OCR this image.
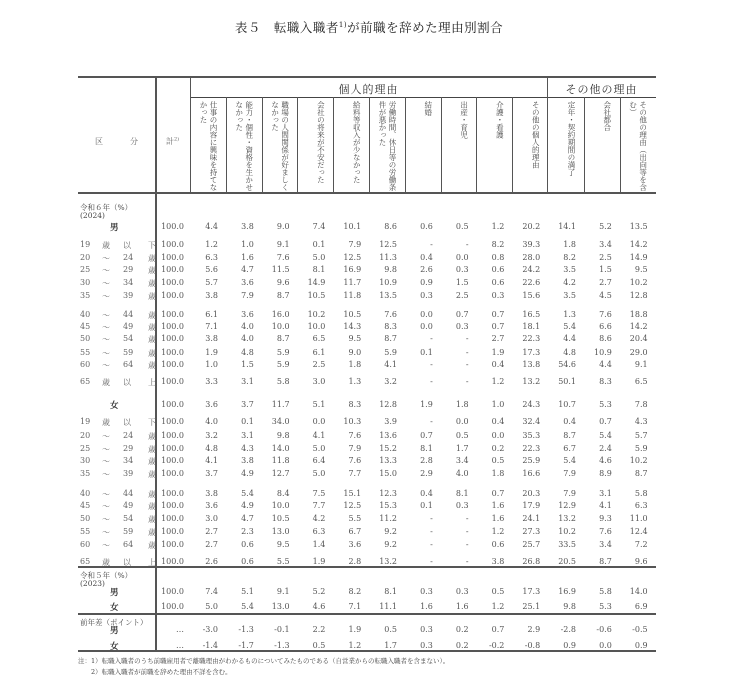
表５　転職入職者$^{1)}$が前職を辞めた理由別割合
区	分	計$^{2)}$
個人的理由	その他の理由
仕事の内容に興味を持てなかった	能力・個性・資格を生かせなかった	職場の人間関係が好ましくなかった	会社の将来が不安だった	給料等収入が少なかった	労働時間、休日等の労働条件が悪かった	結婚	出産・育児	介護・看護	その他の個人的理由	定年・契約期間の満了	会社都合	その他の理由（出向等を含む）
令和６年（%）
(2024)
男	100.0	4.4	3.8	9.0	7.4	10.1	8.6	0.6	0.5	1.2	20.2	14.1	5.2	13.5
19 歳 以 下 100.0	1.2	1.0	9.1	0.1	7.9	12.5	-	-	8.2	39.3	1.8	3.4	14.2
20 ～ 24 歳 100.0	6.3	1.6	7.6	5.0	12.5	11.3	0.4	0.0	0.8	28.0	8.2	2.5	14.9
25 ～ 29 歳 100.0	5.6	4.7	11.5	8.1	16.9	9.8	2.6	0.3	0.6	24.2	3.5	1.5	9.5
30 ～ 34 歳 100.0	5.7	3.6	9.6	14.9	11.7	10.9	0.9	1.5	0.6	22.6	4.2	2.7	10.2
35 ～ 39 歳 100.0	3.8	7.9	8.7	10.5	11.8	13.5	0.3	2.5	0.3	15.6	3.5	4.5	12.8
40 ～ 44 歳 100.0	6.1	3.6	16.0	10.2	10.5	7.6	0.0	0.7	0.7	16.5	1.3	7.6	18.8
45 ～ 49 歳 100.0	7.1	4.0	10.0	10.0	14.3	8.3	0.0	0.3	0.7	18.1	5.4	6.6	14.2
50 ～ 54 歳 100.0	3.8	4.0	8.7	6.5	9.5	8.7	-	-	2.7	22.3	4.4	8.6	20.4
55 ～ 59 歳 100.0	1.9	4.8	5.9	6.1	9.0	5.9	0.1	-	1.9	17.3	4.8	10.9	29.0
60 ～ 64 歳 100.0	1.0	1.5	5.9	2.5	1.8	4.1	-	-	0.4	13.8	54.6	4.4	9.1
65 歳 以 上 100.0	3.3	3.1	5.8	3.0	1.3	3.2	-	-	1.2	13.2	50.1	8.3	6.5
女	100.0	3.6	3.7	11.7	5.1	8.3	12.8	1.9	1.8	1.0	24.3	10.7	5.3	7.8
19 歳 以 下 100.0	4.0	0.1	34.0	0.0	10.3	3.9	-	0.0	0.4	32.4	0.4	0.7	4.3
20 ～ 24 歳 100.0	3.2	3.1	9.8	4.1	7.6	13.6	0.7	0.5	0.0	35.3	8.7	5.4	5.7
25 ～ 29 歳 100.0	4.8	4.3	14.0	5.0	7.9	15.2	8.1	1.7	0.2	22.3	6.7	2.4	5.9
30 ～ 34 歳 100.0	4.1	3.8	11.8	6.4	7.6	13.3	2.8	3.4	0.5	25.9	5.4	4.6	10.2
35 ～ 39 歳 100.0	3.7	4.9	12.7	5.0	7.7	15.0	2.9	4.0	1.8	16.6	7.9	8.9	8.7
40 ～ 44 歳 100.0	3.8	5.4	8.4	7.5	15.1	12.3	0.4	8.1	0.7	20.3	7.9	3.1	5.8
45 ～ 49 歳 100.0	3.6	4.9	10.0	7.7	12.5	15.3	0.1	0.3	1.6	17.9	12.9	4.1	6.3
50 ～ 54 歳 100.0	3.0	4.7	10.5	4.2	5.5	11.2	-	-	1.6	24.1	13.2	9.3	11.0
55 ～ 59 歳 100.0	2.7	2.3	13.0	6.3	6.7	9.2	-	-	1.2	27.3	10.2	7.6	12.4
60 ～ 64 歳 100.0	2.7	0.6	9.5	1.4	3.6	9.2	-	-	0.6	25.7	33.5	3.4	7.2
65 歳 以 上 100.0	2.6	0.6	5.5	1.9	2.8	13.2	-	-	3.8	26.8	20.5	8.7	9.6
令和５年（%）
(2023)
男	100.0	7.4	5.1	9.1	5.2	8.2	8.1	0.3	0.3	0.5	17.3	16.9	5.8	14.0
女	100.0	5.0	5.4	13.0	4.6	7.1	11.1	1.6	1.6	1.2	25.1	9.8	5.3	6.9
前年差（ポイント）
男	…	-3.0	-1.3	-0.1	2.2	1.9	0.5	0.3	0.2	0.7	2.9	-2.8	-0.6	-0.5
女	…	-1.4	-1.7	-1.3	0.5	1.2	1.7	0.3	0.2	-0.2	-0.8	0.9	0.0	0.9
注：1）転職入職者のうち前職雇用者で離職理由がわかるものについてみたものである（自営業からの転職入職者を含まない）。
　　2）転職入職者が前職を辞めた理由不詳を含む。
